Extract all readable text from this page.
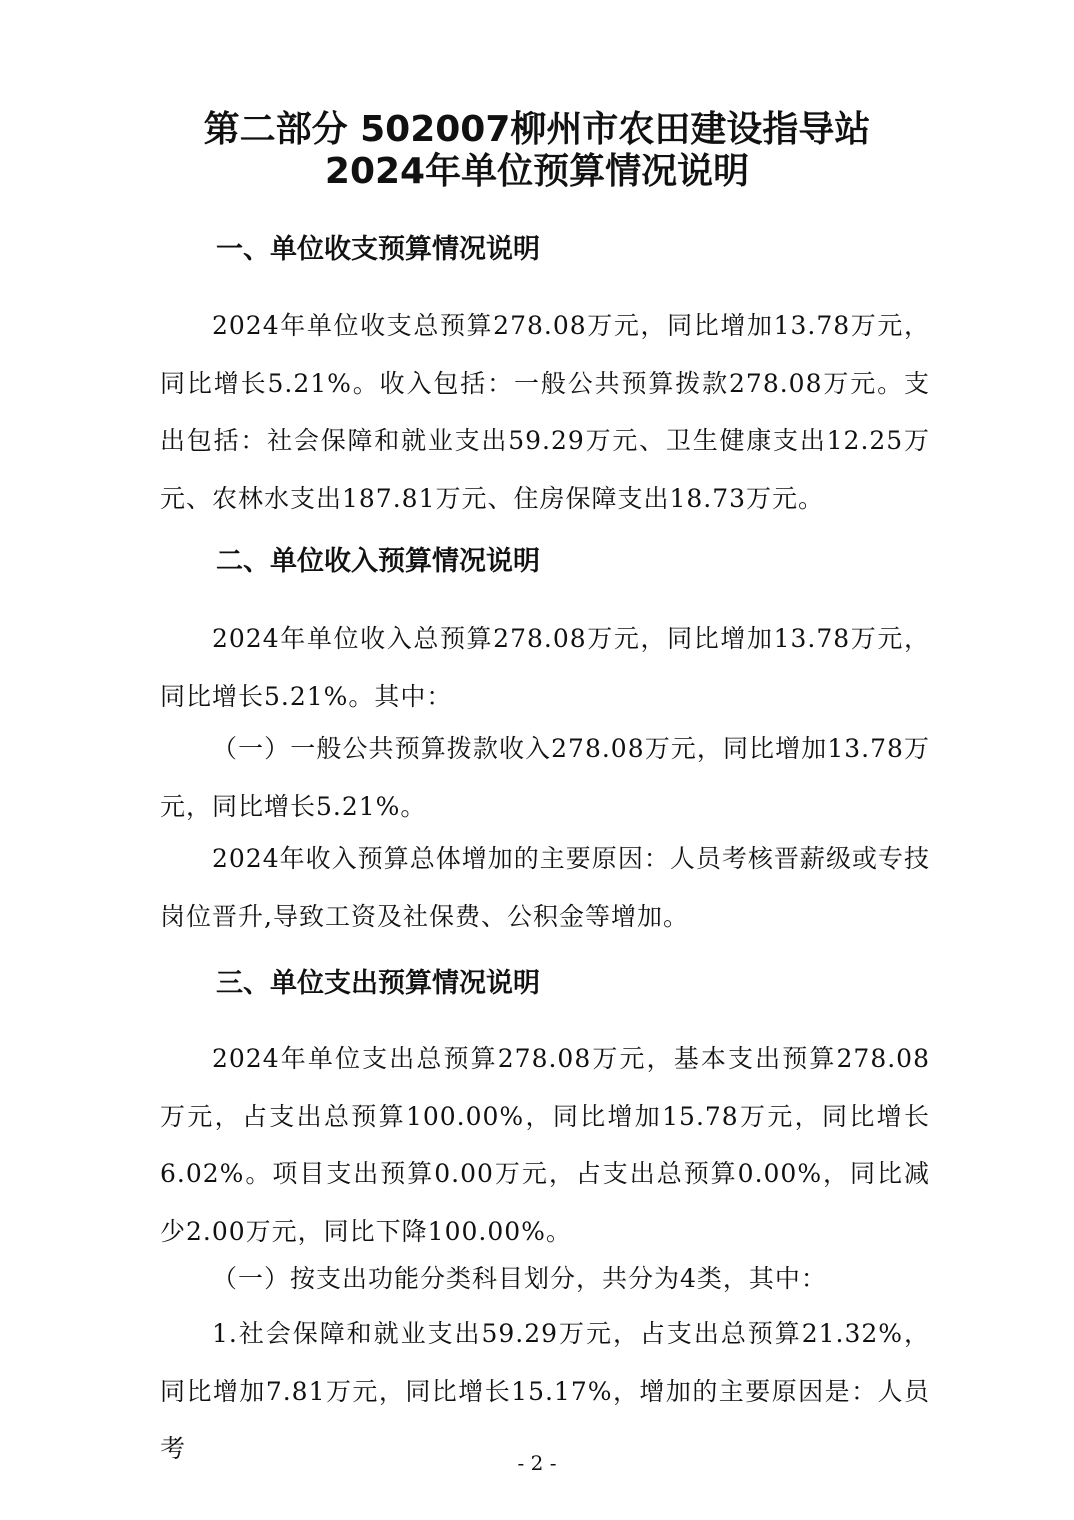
第二部分 502007柳州市农田建设指导站
2024年单位预算情况说明
一、单位收支预算情况说明

2024年单位收支总预算278.08万元，同比增加13.78万元，同比增长5.21%。收入包括：一般公共预算拨款278.08万元。支出包括：社会保障和就业支出59.29万元、卫生健康支出12.25万元、农林水支出187.81万元、住房保障支出18.73万元。

二、单位收入预算情况说明

2024年单位收入总预算278.08万元，同比增加13.78万元，同比增长5.21%。其中：

（一）一般公共预算拨款收入278.08万元，同比增加13.78万元，同比增长5.21%。

2024年收入预算总体增加的主要原因：人员考核晋薪级或专技岗位晋升,导致工资及社保费、公积金等增加。

三、单位支出预算情况说明

2024年单位支出总预算278.08万元，基本支出预算278.08万元，占支出总预算100.00%，同比增加15.78万元，同比增长6.02%。项目支出预算0.00万元，占支出总预算0.00%，同比减少2.00万元，同比下降100.00%。

（一）按支出功能分类科目划分，共分为4类，其中：

1.社会保障和就业支出59.29万元，占支出总预算21.32%，同比增加7.81万元，同比增长15.17%，增加的主要原因是：人员考	- 2 -
